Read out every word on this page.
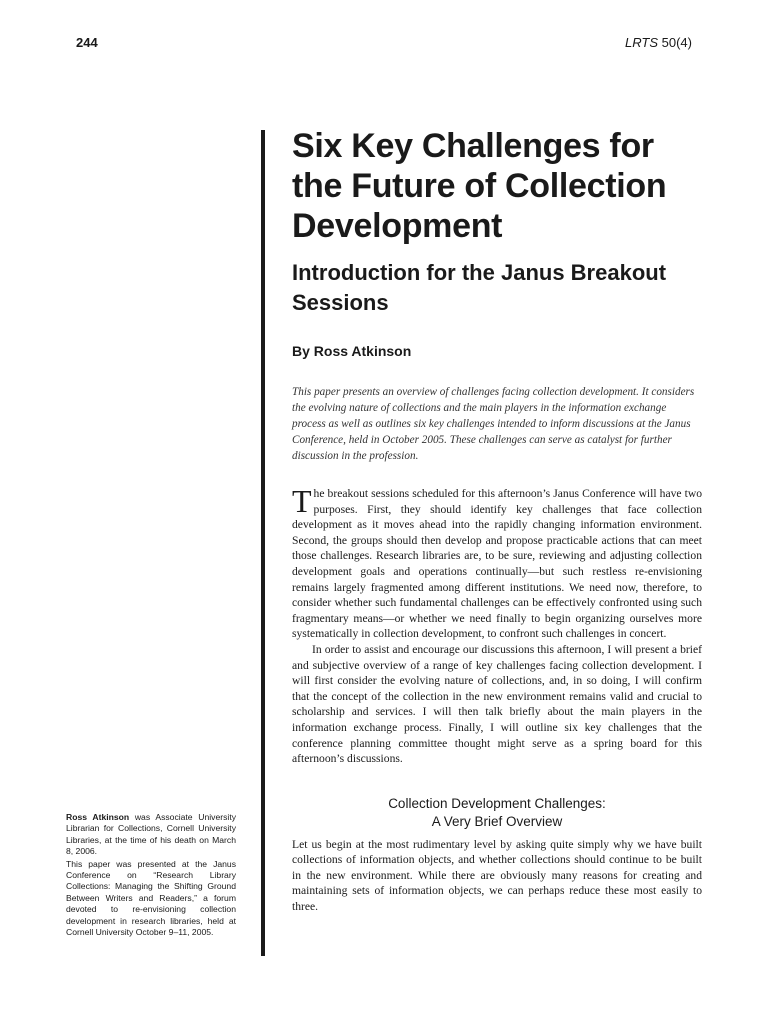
244	LRTS 50(4)
Six Key Challenges for the Future of Collection Development
Introduction for the Janus Breakout Sessions
By Ross Atkinson

This paper presents an overview of challenges facing collection development. It considers the evolving nature of collections and the main players in the information exchange process as well as outlines six key challenges intended to inform discussions at the Janus Conference, held in October 2005. These challenges can serve as catalyst for further discussion in the profession.

The breakout sessions scheduled for this afternoon’s Janus Conference will have two purposes. First, they should identify key challenges that face collection development as it moves ahead into the rapidly changing information environment. Second, the groups should then develop and propose practicable actions that can meet those challenges. Research libraries are, to be sure, reviewing and adjusting collection development goals and operations continually—but such restless re-envisioning remains largely fragmented among different institutions. We need now, therefore, to consider whether such fundamental challenges can be effectively confronted using such fragmentary means—or whether we need finally to begin organizing ourselves more systematically in collection development, to confront such challenges in concert.

In order to assist and encourage our discussions this afternoon, I will present a brief and subjective overview of a range of key challenges facing collection development. I will first consider the evolving nature of collections, and, in so doing, I will confirm that the concept of the collection in the new environment remains valid and crucial to scholarship and services. I will then talk briefly about the main players in the information exchange process. Finally, I will outline six key challenges that the conference planning committee thought might serve as a spring board for this afternoon’s discussions.

Collection Development Challenges:
A Very Brief Overview

Let us begin at the most rudimentary level by asking quite simply why we have built collections of information objects, and whether collections should continue to be built in the new environment. While there are obviously many reasons for creating and maintaining sets of information objects, we can perhaps reduce these most easily to three.

Ross Atkinson was Associate University Librarian for Collections, Cornell University Libraries, at the time of his death on March 8, 2006.

This paper was presented at the Janus Conference on “Research Library Collections: Managing the Shifting Ground Between Writers and Readers,” a forum devoted to re-envisioning collection development in research libraries, held at Cornell University October 9–11, 2005.
